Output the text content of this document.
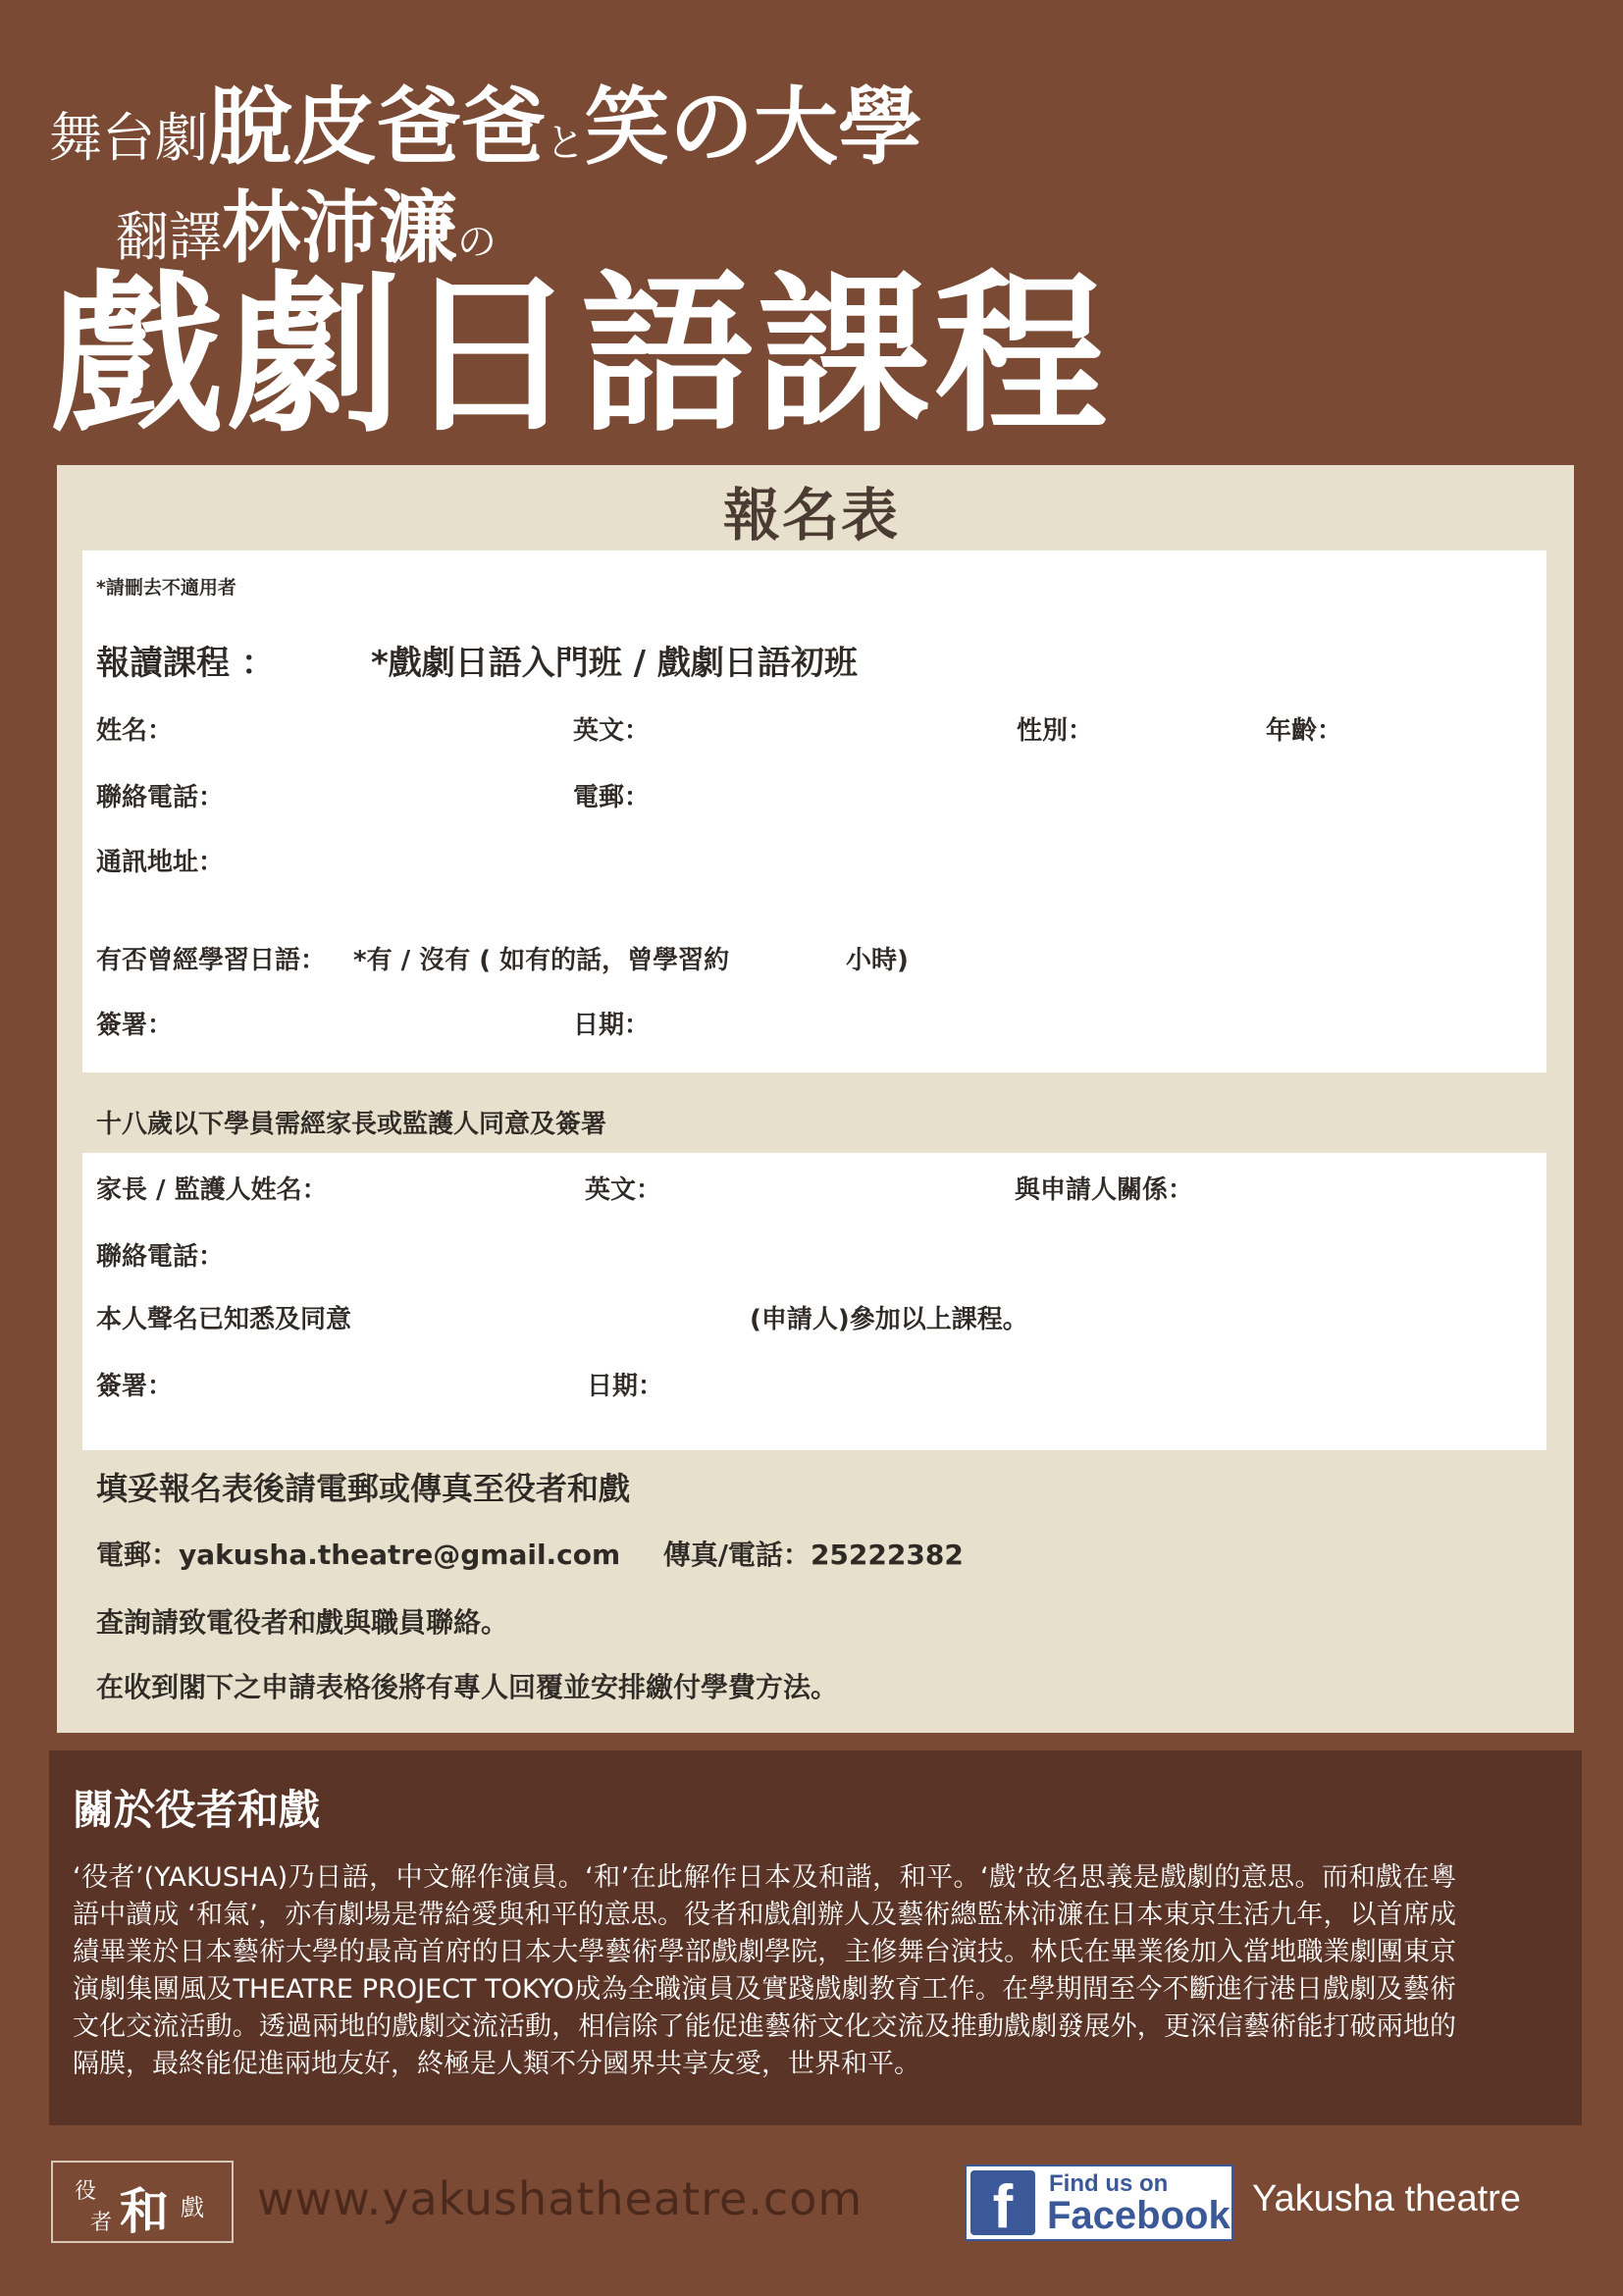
舞台劇脫皮爸爸と笑の大學
翻譯林沛濂の
戲劇日語課程
報名表
*請刪去不適用者
報讀課程 ：	*戲劇日語入門班 / 戲劇日語初班
姓名：	英文：	性別：	年齡：
聯絡電話：	電郵：
通訊地址：
有否曾經學習日語： *有 / 沒有 ( 如有的話，曾學習約	小時)
簽署：	日期：
十八歲以下學員需經家長或監護人同意及簽署
家長 / 監護人姓名：	英文：	與申請人關係：
聯絡電話：
本人聲名已知悉及同意	(申請人)參加以上課程。
簽署：	日期：
填妥報名表後請電郵或傳真至役者和戲
電郵：yakusha.theatre@gmail.com 傳真/電話：25222382
查詢請致電役者和戲與職員聯絡。
在收到閣下之申請表格後將有專人回覆並安排繳付學費方法。
關於役者和戲
‘役者’(YAKUSHA)乃日語，中文解作演員。‘和’在此解作日本及和諧，和平。‘戲’故名思義是戲劇的意思。而和戲在粵語中讀成 ‘和氣’，亦有劇場是帶給愛與和平的意思。役者和戲創辦人及藝術總監林沛濂在日本東京生活九年，以首席成績畢業於日本藝術大學的最高首府的日本大學藝術學部戲劇學院，主修舞台演技。林氏在畢業後加入當地職業劇團東京演劇集團風及THEATRE PROJECT TOKYO成為全職演員及實踐戲劇教育工作。在學期間至今不斷進行港日戲劇及藝術文化交流活動。透過兩地的戲劇交流活動，相信除了能促進藝術文化交流及推動戲劇發展外，更深信藝術能打破兩地的隔膜，最終能促進兩地友好，終極是人類不分國界共享友愛，世界和平。
役
者 和 戲 www.yakushatheatre.com	f	Find us on
Facebook Yakusha theatre
